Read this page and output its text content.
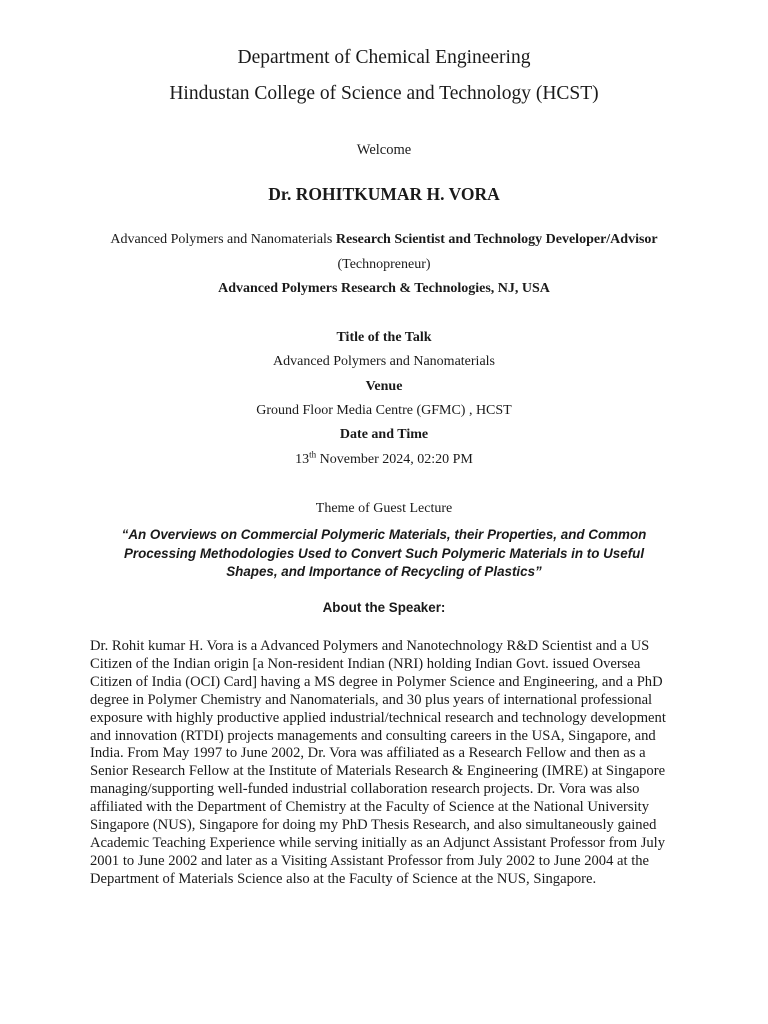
Department of Chemical Engineering
Hindustan College of Science and Technology (HCST)
Welcome
Dr. ROHITKUMAR H. VORA
Advanced Polymers and Nanomaterials Research Scientist and Technology Developer/Advisor
(Technopreneur)
Advanced Polymers Research & Technologies, NJ, USA
Title of the Talk
Advanced Polymers and Nanomaterials
Venue
Ground Floor Media Centre (GFMC) , HCST
Date and Time
13th November 2024, 02:20 PM
Theme of Guest Lecture
“An Overviews on Commercial Polymeric Materials, their Properties, and Common Processing Methodologies Used to Convert Such Polymeric Materials in to Useful Shapes, and Importance of Recycling of Plastics”
About the Speaker:
Dr. Rohit kumar H. Vora is a Advanced Polymers and Nanotechnology R&D Scientist and a US Citizen of the Indian origin [a Non-resident Indian (NRI) holding Indian Govt. issued Oversea Citizen of India (OCI) Card] having a MS degree in Polymer Science and Engineering, and a PhD degree in Polymer Chemistry and Nanomaterials, and 30 plus years of international professional exposure with highly productive applied industrial/technical research and technology development and innovation (RTDI) projects managements and consulting careers in the USA, Singapore, and India. From May 1997 to June 2002, Dr. Vora was affiliated as a Research Fellow and then as a Senior Research Fellow at the Institute of Materials Research & Engineering (IMRE) at Singapore managing/supporting well-funded industrial collaboration research projects. Dr. Vora was also affiliated with the Department of Chemistry at the Faculty of Science at the National University Singapore (NUS), Singapore for doing my PhD Thesis Research, and also simultaneously gained Academic Teaching Experience while serving initially as an Adjunct Assistant Professor from July 2001 to June 2002 and later as a Visiting Assistant Professor from July 2002 to June 2004 at the Department of Materials Science also at the Faculty of Science at the NUS, Singapore.
